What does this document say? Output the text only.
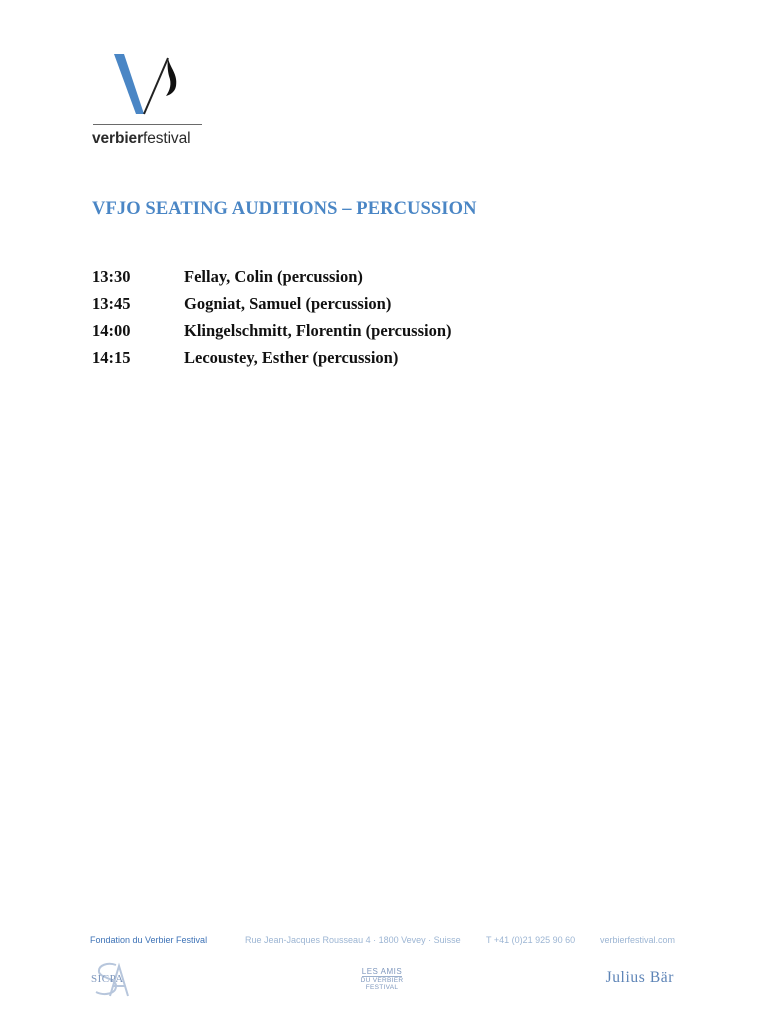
verbierfestival
VFJO SEATING AUDITIONS – PERCUSSION
13:30	Fellay, Colin (percussion)
13:45	Gogniat, Samuel (percussion)
14:00	Klingelschmitt, Florentin (percussion)
14:15	Lecoustey, Esther (percussion)
Fondation du Verbier Festival	Rue Jean-Jacques Rousseau 4 · 1800 Vevey · Suisse	T +41 (0)21 925 90 60	verbierfestival.com
SICPA
LES AMIS
DU VERBIER
FESTIVAL
Julius Bär
